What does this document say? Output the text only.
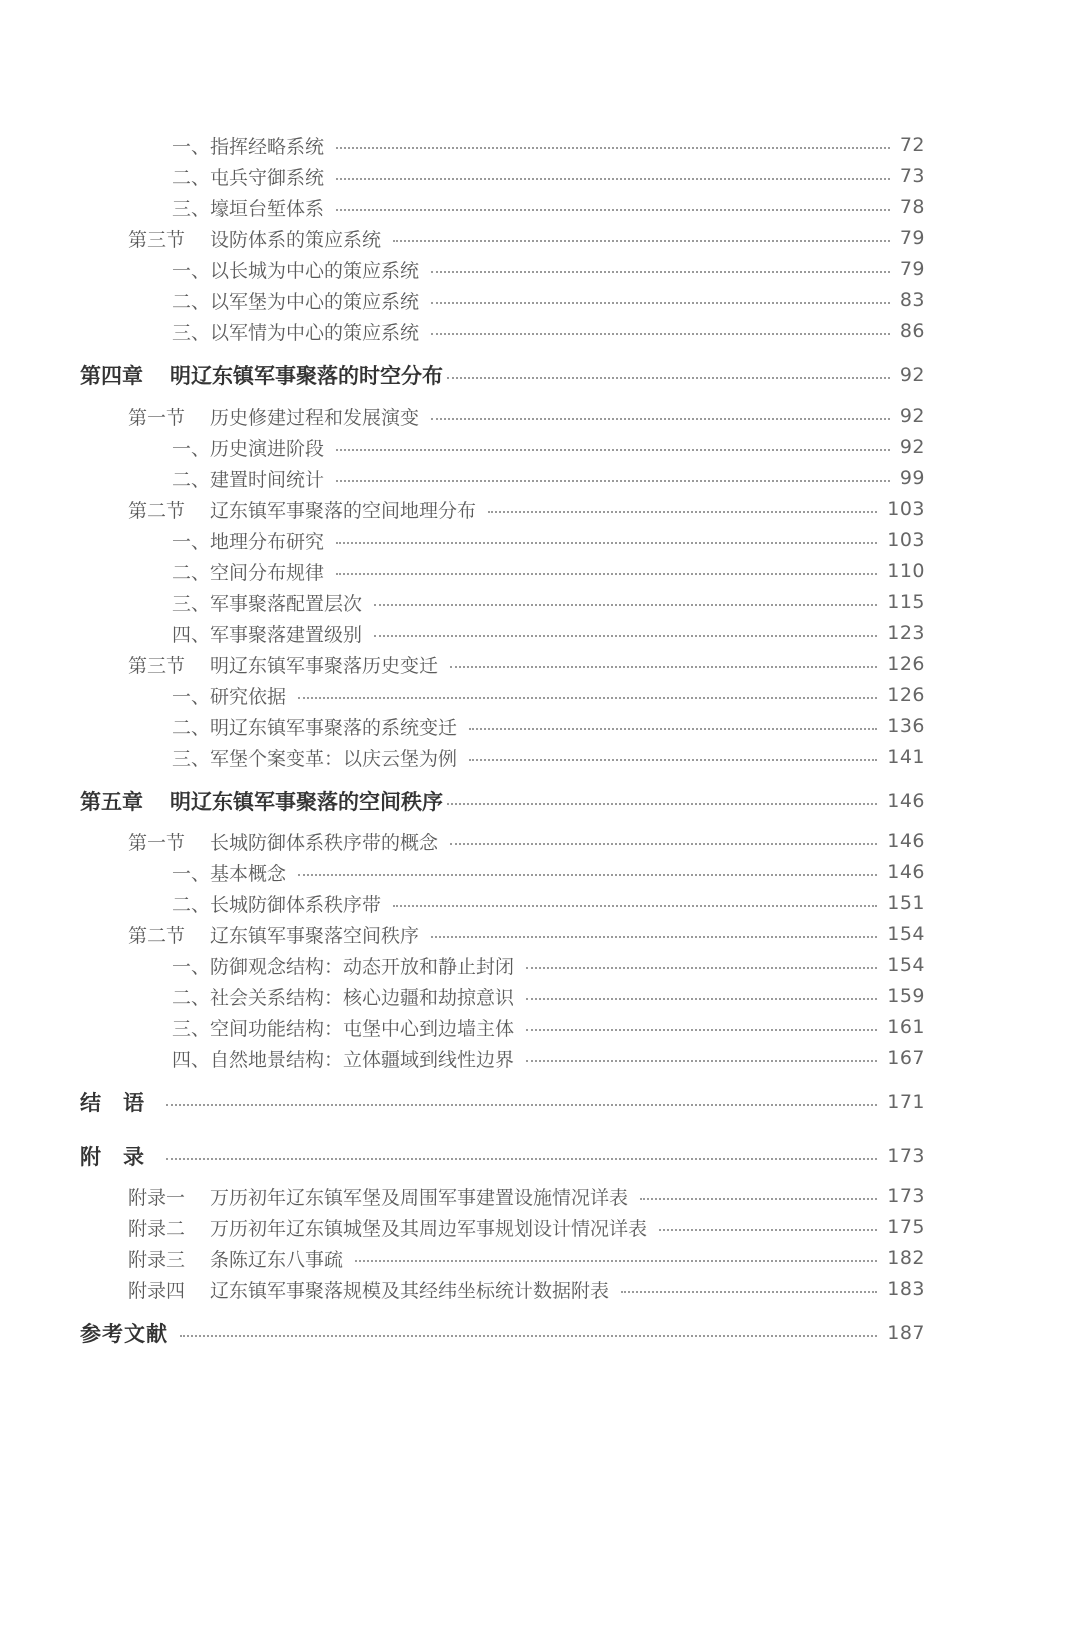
一、指挥经略系统	72
二、屯兵守御系统	73
三、壕垣台堑体系	78
第三节	设防体系的策应系统	79
一、以长城为中心的策应系统	79
二、以军堡为中心的策应系统	83
三、以军情为中心的策应系统	86
第四章	明辽东镇军事聚落的时空分布	92
第一节	历史修建过程和发展演变	92
一、历史演进阶段	92
二、建置时间统计	99
第二节	辽东镇军事聚落的空间地理分布	103
一、地理分布研究	103
二、空间分布规律	110
三、军事聚落配置层次	115
四、军事聚落建置级别	123
第三节	明辽东镇军事聚落历史变迁	126
一、研究依据	126
二、明辽东镇军事聚落的系统变迁	136
三、军堡个案变革：以庆云堡为例	141
第五章	明辽东镇军事聚落的空间秩序	146
第一节	长城防御体系秩序带的概念	146
一、基本概念	146
二、长城防御体系秩序带	151
第二节	辽东镇军事聚落空间秩序	154
一、防御观念结构：动态开放和静止封闭	154
二、社会关系结构：核心边疆和劫掠意识	159
三、空间功能结构：屯堡中心到边墙主体	161
四、自然地景结构：立体疆域到线性边界	167
结语	171
附录	173
附录一	万历初年辽东镇军堡及周围军事建置设施情况详表	173
附录二	万历初年辽东镇城堡及其周边军事规划设计情况详表	175
附录三	条陈辽东八事疏	182
附录四	辽东镇军事聚落规模及其经纬坐标统计数据附表	183
参考文献	187
